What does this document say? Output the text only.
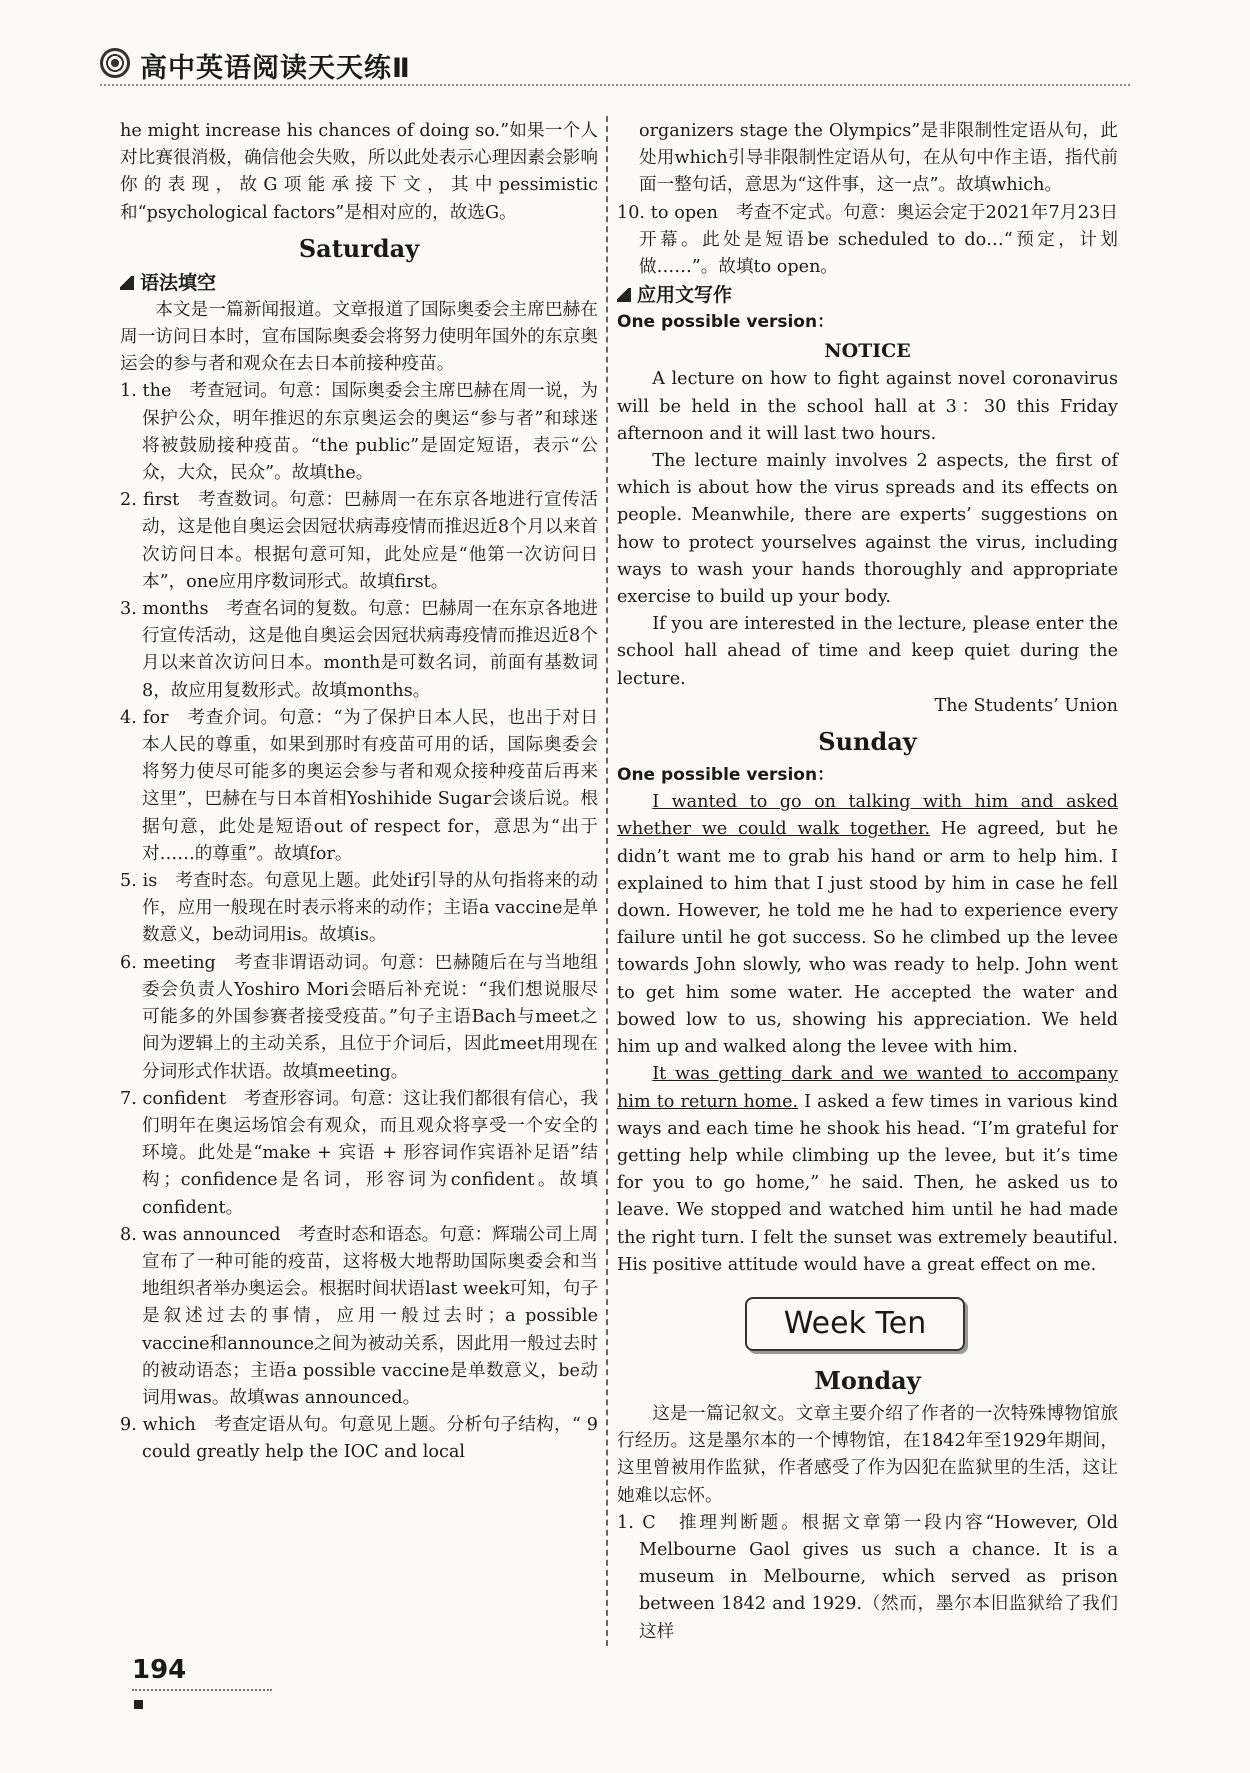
高中英语阅读天天练Ⅱ

he might increase his chances of doing so.”如果一个人对比赛很消极，确信他会失败，所以此处表示心理因素会影响你的表现，故G项能承接下文，其中pessimistic和“psychological factors”是相对应的，故选G。

Saturday
语法填空

本文是一篇新闻报道。文章报道了国际奥委会主席巴赫在周一访问日本时，宣布国际奥委会将努力使明年国外的东京奥运会的参与者和观众在去日本前接种疫苗。

1. the　考查冠词。句意：国际奥委会主席巴赫在周一说，为保护公众，明年推迟的东京奥运会的奥运“参与者”和球迷将被鼓励接种疫苗。“the public”是固定短语，表示“公众，大众，民众”。故填the。

2. first　考查数词。句意：巴赫周一在东京各地进行宣传活动，这是他自奥运会因冠状病毒疫情而推迟近8个月以来首次访问日本。根据句意可知，此处应是“他第一次访问日本”，one应用序数词形式。故填first。

3. months　考查名词的复数。句意：巴赫周一在东京各地进行宣传活动，这是他自奥运会因冠状病毒疫情而推迟近8个月以来首次访问日本。month是可数名词，前面有基数词8，故应用复数形式。故填months。

4. for　考查介词。句意：“为了保护日本人民，也出于对日本人民的尊重，如果到那时有疫苗可用的话，国际奥委会将努力使尽可能多的奥运会参与者和观众接种疫苗后再来这里”，巴赫在与日本首相Yoshihide Sugar会谈后说。根据句意，此处是短语out of respect for，意思为“出于对……的尊重”。故填for。

5. is　考查时态。句意见上题。此处if引导的从句指将来的动作，应用一般现在时表示将来的动作；主语a vaccine是单数意义，be动词用is。故填is。

6. meeting　考查非谓语动词。句意：巴赫随后在与当地组委会负责人Yoshiro Mori会晤后补充说：“我们想说服尽可能多的外国参赛者接受疫苗。”句子主语Bach与meet之间为逻辑上的主动关系，且位于介词后，因此meet用现在分词形式作状语。故填meeting。

7. confident　考查形容词。句意：这让我们都很有信心，我们明年在奥运场馆会有观众，而且观众将享受一个安全的环境。此处是“make + 宾语 + 形容词作宾语补足语”结构；confidence是名词，形容词为confident。故填confident。

8. was announced　考查时态和语态。句意：辉瑞公司上周宣布了一种可能的疫苗，这将极大地帮助国际奥委会和当地组织者举办奥运会。根据时间状语last week可知，句子是叙述过去的事情，应用一般过去时；a possible vaccine和announce之间为被动关系，因此用一般过去时的被动语态；主语a possible vaccine是单数意义，be动词用was。故填was announced。

9. which　考查定语从句。句意见上题。分析句子结构，“ 9 could greatly help the IOC and local

organizers stage the Olympics”是非限制性定语从句，此处用which引导非限制性定语从句，在从句中作主语，指代前面一整句话，意思为“这件事，这一点”。故填which。

10. to open　考查不定式。句意：奥运会定于2021年7月23日开幕。此处是短语be scheduled to do…“预定，计划做……”。故填to open。

应用文写作
One possible version：
NOTICE

A lecture on how to fight against novel coronavirus will be held in the school hall at 3：30 this Friday afternoon and it will last two hours.

The lecture mainly involves 2 aspects, the first of which is about how the virus spreads and its effects on people. Meanwhile, there are experts’ suggestions on how to protect yourselves against the virus, including ways to wash your hands thoroughly and appropriate exercise to build up your body.

If you are interested in the lecture, please enter the school hall ahead of time and keep quiet during the lecture.

The Students’ Union

Sunday
One possible version：

I wanted to go on talking with him and asked whether we could walk together. He agreed, but he didn’t want me to grab his hand or arm to help him. I explained to him that I just stood by him in case he fell down. However, he told me he had to experience every failure until he got success. So he climbed up the levee towards John slowly, who was ready to help. John went to get him some water. He accepted the water and bowed low to us, showing his appreciation. We held him up and walked along the levee with him.

It was getting dark and we wanted to accompany him to return home. I asked a few times in various kind ways and each time he shook his head. “I’m grateful for getting help while climbing up the levee, but it’s time for you to go home,” he said. Then, he asked us to leave. We stopped and watched him until he had made the right turn. I felt the sunset was extremely beautiful. His positive attitude would have a great effect on me.

Week Ten
Monday

这是一篇记叙文。文章主要介绍了作者的一次特殊博物馆旅行经历。这是墨尔本的一个博物馆，在1842年至1929年期间，这里曾被用作监狱，作者感受了作为囚犯在监狱里的生活，这让她难以忘怀。

1. C　推理判断题。根据文章第一段内容“However, Old Melbourne Gaol gives us such a chance. It is a museum in Melbourne, which served as prison between 1842 and 1929.（然而，墨尔本旧监狱给了我们这样

194
